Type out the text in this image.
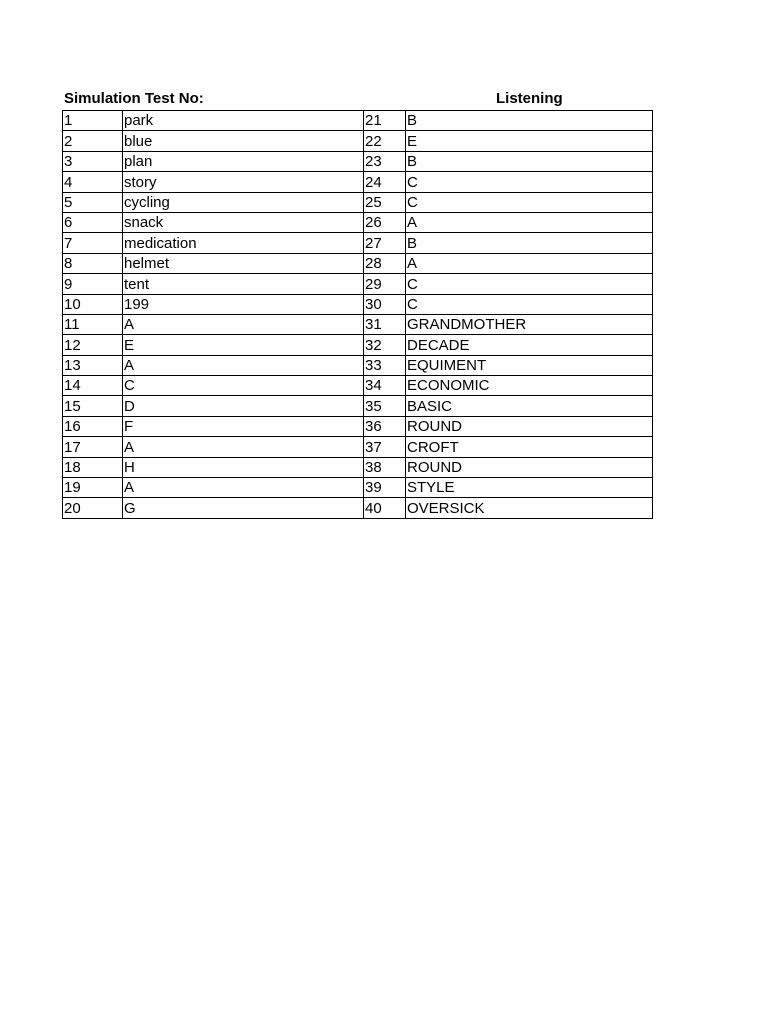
Simulation Test No:	Listening
1	park	21	B
2	blue	22	E
3	plan	23	B
4	story	24	C
5	cycling	25	C
6	snack	26	A
7	medication	27	B
8	helmet	28	A
9	tent	29	C
10	199	30	C
11	A	31	GRANDMOTHER
12	E	32	DECADE
13	A	33	EQUIMENT
14	C	34	ECONOMIC
15	D	35	BASIC
16	F	36	ROUND
17	A	37	CROFT
18	H	38	ROUND
19	A	39	STYLE
20	G	40	OVERSICK
